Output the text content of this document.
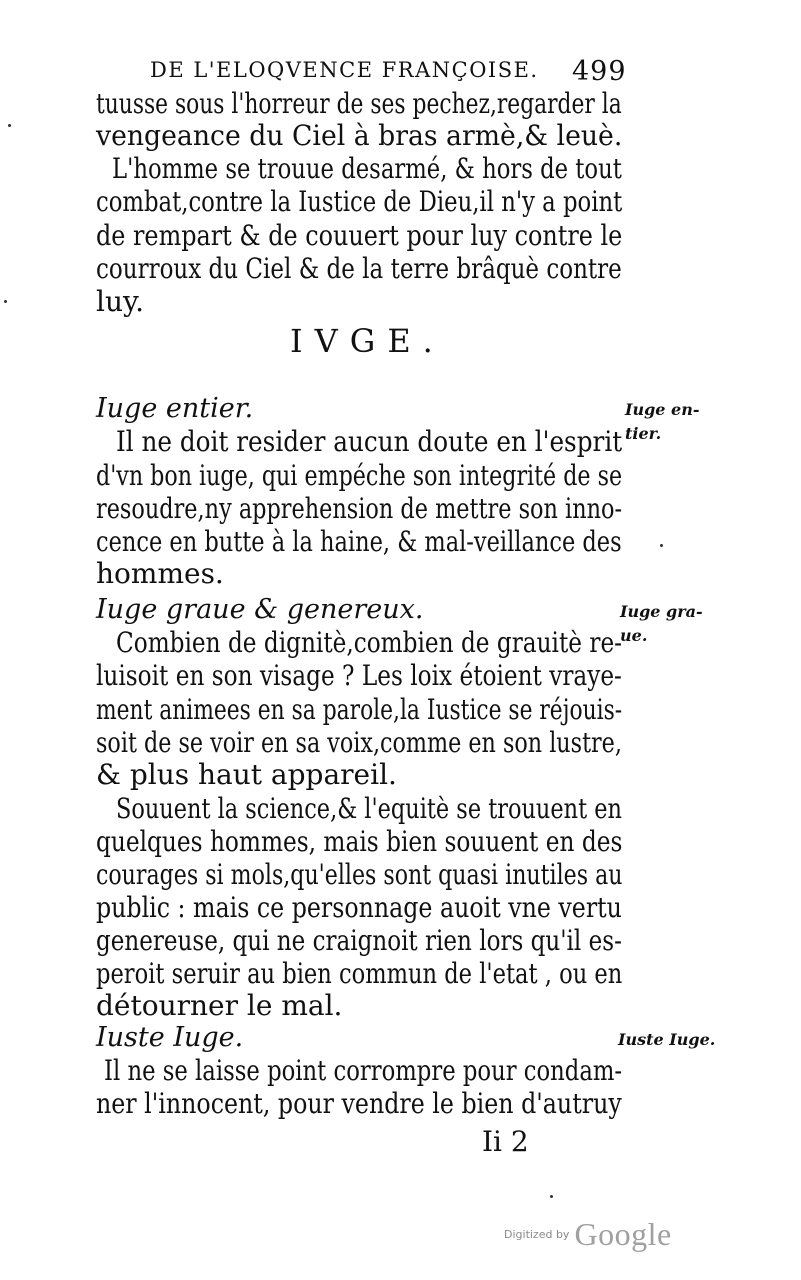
DE L'ELOQVENCE FRANÇOISE. 499
tuusse sous l'horreur de ses pechez,regarder la
vengeance du Ciel à bras armè,& leuè.
L'homme se trouue desarmé, & hors de tout
combat,contre la Iustice de Dieu,il n'y a point
de rempart & de couuert pour luy contre le
courroux du Ciel & de la terre brâquè contre
luy.
IVGE.
Iuge entier.	Iuge en-
tier.
Il ne doit resider aucun doute en l'esprit
d'vn bon iuge, qui empéche son integrité de se
resoudre,ny apprehension de mettre son inno-
cence en butte à la haine, & mal-veillance des
hommes.
Iuge graue & genereux.	Iuge gra-
ue.
Combien de dignitè,combien de grauitè re-
luisoit en son visage ? Les loix étoient vraye-
ment animees en sa parole,la Iustice se réjouis-
soit de se voir en sa voix,comme en son lustre,
& plus haut appareil.
Souuent la science,& l'equitè se trouuent en
quelques hommes, mais bien souuent en des
courages si mols,qu'elles sont quasi inutiles au
public : mais ce personnage auoit vne vertu
genereuse, qui ne craignoit rien lors qu'il es-
peroit seruir au bien commun de l'etat , ou en
détourner le mal.
Iuste Iuge.	Iuste Iuge.
Il ne se laisse point corrompre pour condam-
ner l'innocent, pour vendre le bien d'autruy
Ii 2
Digitized by Google
